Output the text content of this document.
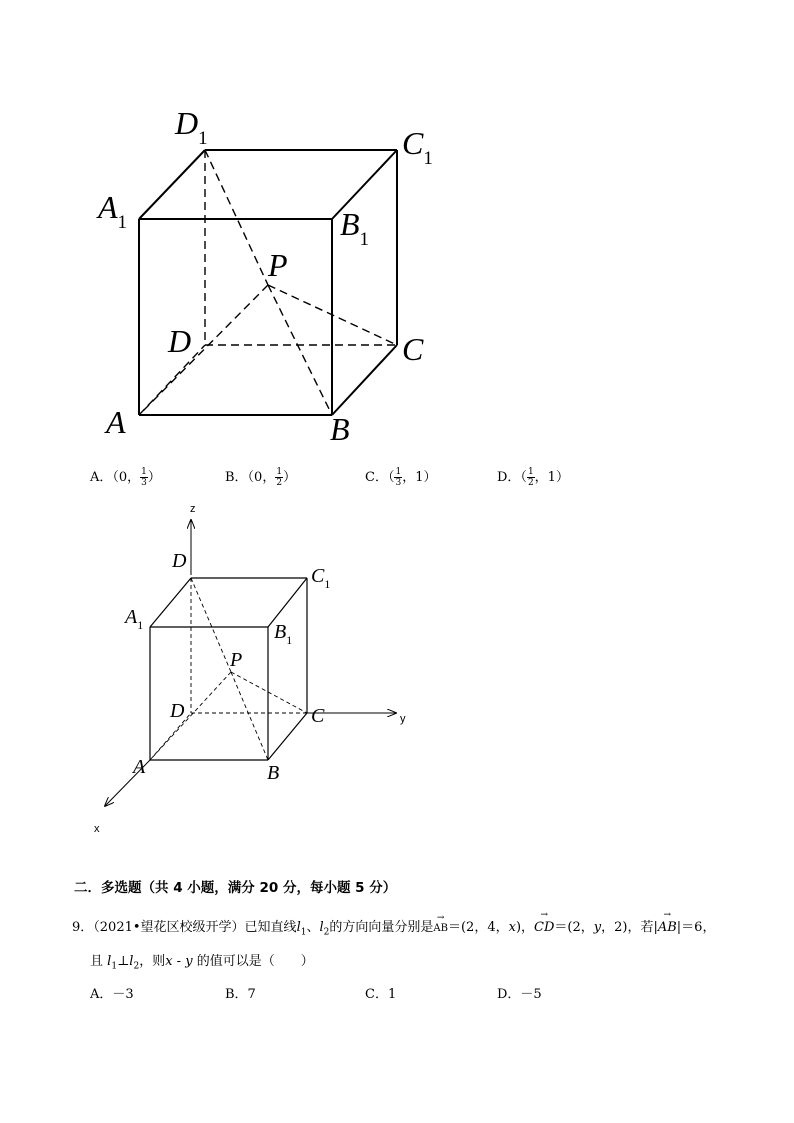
$D_1$	$C_1$
$A_1$	$B_1$
P
D	C
A	B
A．（0， $\frac{1}{3}$ ）	B．（0， $\frac{1}{2}$ ）	C．（ $\frac{1}{3}$ ，1）	D．（ $\frac{1}{2}$ ，1）
z
y
x
D
$C_1$
$A_1$	$B_1$
P
D	C
A	B
二．多选题（共 4 小题，满分 20 分，每小题 5 分）
9．（2021•望花区校级开学）已知直线$l_1$、$l_2$的方向向量分别是→ AB＝(2，4，x)，→ CD＝(2，y，2)，若|→ AB|＝6，
且 $l_1\perp l_2$，则x - y 的值可以是（　　）
A．－3	B．7	C．1	D．－5
